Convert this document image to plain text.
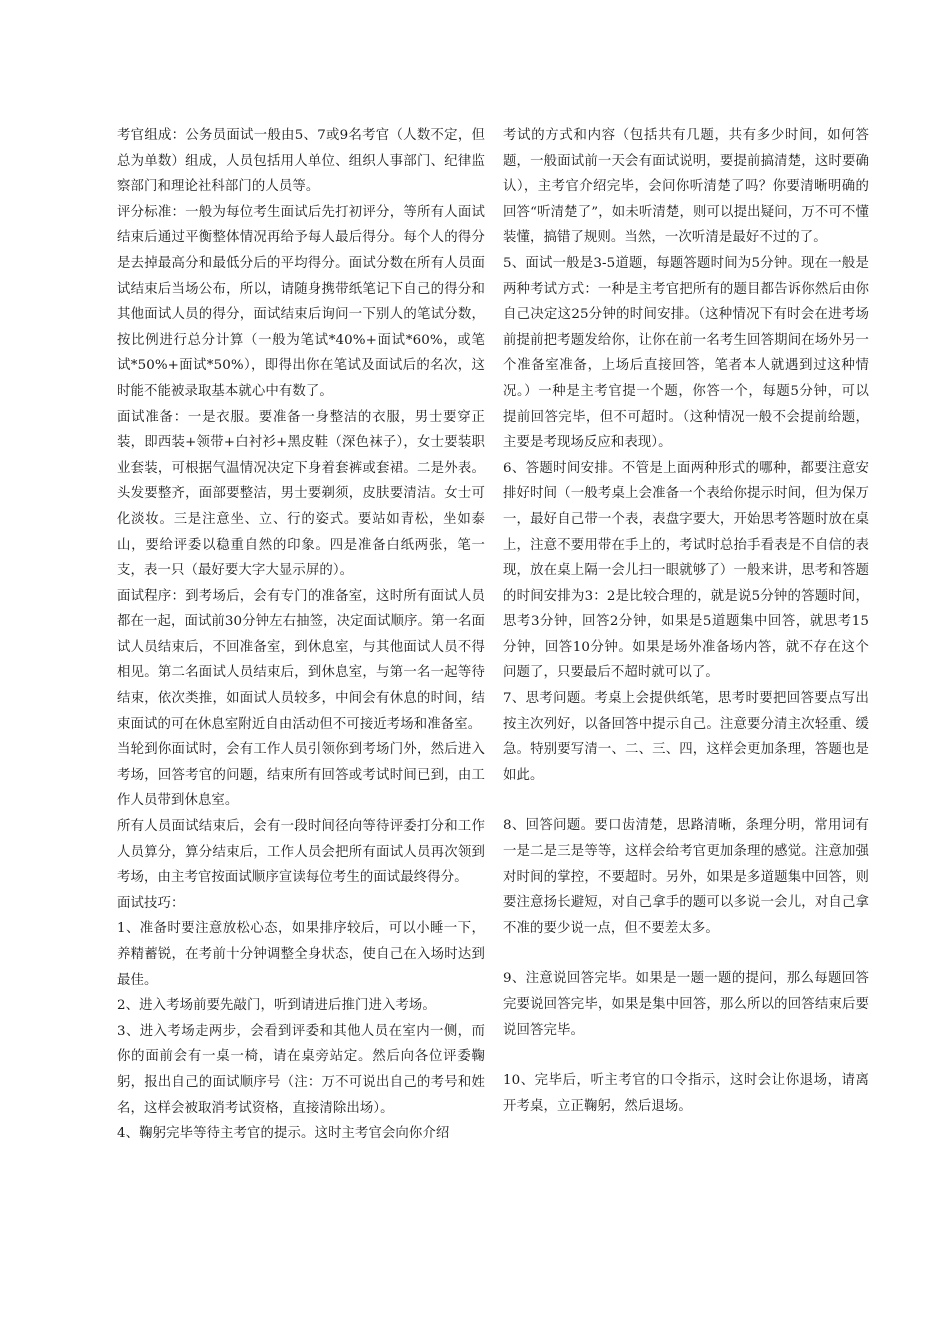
考官组成：公务员面试一般由5、7或9名考官（人数不定，但总为单数）组成，人员包括用人单位、组织人事部门、纪律监察部门和理论社科部门的人员等。

评分标准：一般为每位考生面试后先打初评分，等所有人面试结束后通过平衡整体情况再给予每人最后得分。每个人的得分是去掉最高分和最低分后的平均得分。面试分数在所有人员面试结束后当场公布，所以，请随身携带纸笔记下自己的得分和其他面试人员的得分，面试结束后询问一下别人的笔试分数，按比例进行总分计算（一般为笔试*40%+面试*60%，或笔试*50%+面试*50%），即得出你在笔试及面试后的名次，这时能不能被录取基本就心中有数了。

面试准备：一是衣服。要准备一身整洁的衣服，男士要穿正装，即西装+领带+白衬衫+黑皮鞋（深色袜子），女士要装职业套装，可根据气温情况决定下身着套裤或套裙。二是外表。头发要整齐，面部要整洁，男士要剃须，皮肤要清洁。女士可化淡妆。三是注意坐、立、行的姿式。要站如青松，坐如泰山，要给评委以稳重自然的印象。四是准备白纸两张，笔一支，表一只（最好要大字大显示屏的）。

面试程序：到考场后，会有专门的准备室，这时所有面试人员都在一起，面试前30分钟左右抽签，决定面试顺序。第一名面试人员结束后，不回准备室，到休息室，与其他面试人员不得相见。第二名面试人员结束后，到休息室，与第一名一起等待结束，依次类推，如面试人员较多，中间会有休息的时间，结束面试的可在休息室附近自由活动但不可接近考场和准备室。

当轮到你面试时，会有工作人员引领你到考场门外，然后进入考场，回答考官的问题，结束所有回答或考试时间已到，由工作人员带到休息室。

所有人员面试结束后，会有一段时间径向等待评委打分和工作人员算分，算分结束后，工作人员会把所有面试人员再次领到考场，由主考官按面试顺序宣读每位考生的面试最终得分。

面试技巧：

1、准备时要注意放松心态，如果排序较后，可以小睡一下，养精蓄锐，在考前十分钟调整全身状态，使自己在入场时达到最佳。

2、进入考场前要先敲门，听到请进后推门进入考场。

3、进入考场走两步，会看到评委和其他人员在室内一侧，而你的面前会有一桌一椅，请在桌旁站定。然后向各位评委鞠躬，报出自己的面试顺序号（注：万不可说出自己的考号和姓名，这样会被取消考试资格，直接清除出场）。

4、鞠躬完毕等待主考官的提示。这时主考官会向你介绍

考试的方式和内容（包括共有几题，共有多少时间，如何答题，一般面试前一天会有面试说明，要提前搞清楚，这时要确认），主考官介绍完毕，会问你听清楚了吗？你要清晰明确的回答“听清楚了”，如未听清楚，则可以提出疑问，万不可不懂装懂，搞错了规则。当然，一次听清是最好不过的了。

5、面试一般是3-5道题，每题答题时间为5分钟。现在一般是两种考试方式：一种是主考官把所有的题目都告诉你然后由你自己决定这25分钟的时间安排。（这种情况下有时会在进考场前提前把考题发给你，让你在前一名考生回答期间在场外另一个准备室准备，上场后直接回答，笔者本人就遇到过这种情况。）一种是主考官提一个题，你答一个，每题5分钟，可以提前回答完毕，但不可超时。（这种情况一般不会提前给题，主要是考现场反应和表现）。

6、答题时间安排。不管是上面两种形式的哪种，都要注意安排好时间（一般考桌上会准备一个表给你提示时间，但为保万一，最好自己带一个表，表盘字要大，开始思考答题时放在桌上，注意不要用带在手上的，考试时总抬手看表是不自信的表现，放在桌上隔一会儿扫一眼就够了）一般来讲，思考和答题的时间安排为3：2是比较合理的，就是说5分钟的答题时间，思考3分钟，回答2分钟，如果是5道题集中回答，就思考15分钟，回答10分钟。如果是场外准备场内答，就不存在这个问题了，只要最后不超时就可以了。

7、思考问题。考桌上会提供纸笔，思考时要把回答要点写出按主次列好，以备回答中提示自己。注意要分清主次轻重、缓急。特别要写清一、二、三、四，这样会更加条理，答题也是如此。

8、回答问题。要口齿清楚，思路清晰，条理分明，常用词有一是二是三是等等，这样会给考官更加条理的感觉。注意加强对时间的掌控，不要超时。另外，如果是多道题集中回答，则要注意扬长避短，对自己拿手的题可以多说一会儿，对自己拿不准的要少说一点，但不要差太多。

9、注意说回答完毕。如果是一题一题的提问，那么每题回答完要说回答完毕，如果是集中回答，那么所以的回答结束后要说回答完毕。

10、完毕后，听主考官的口令指示，这时会让你退场，请离开考桌，立正鞠躬，然后退场。
